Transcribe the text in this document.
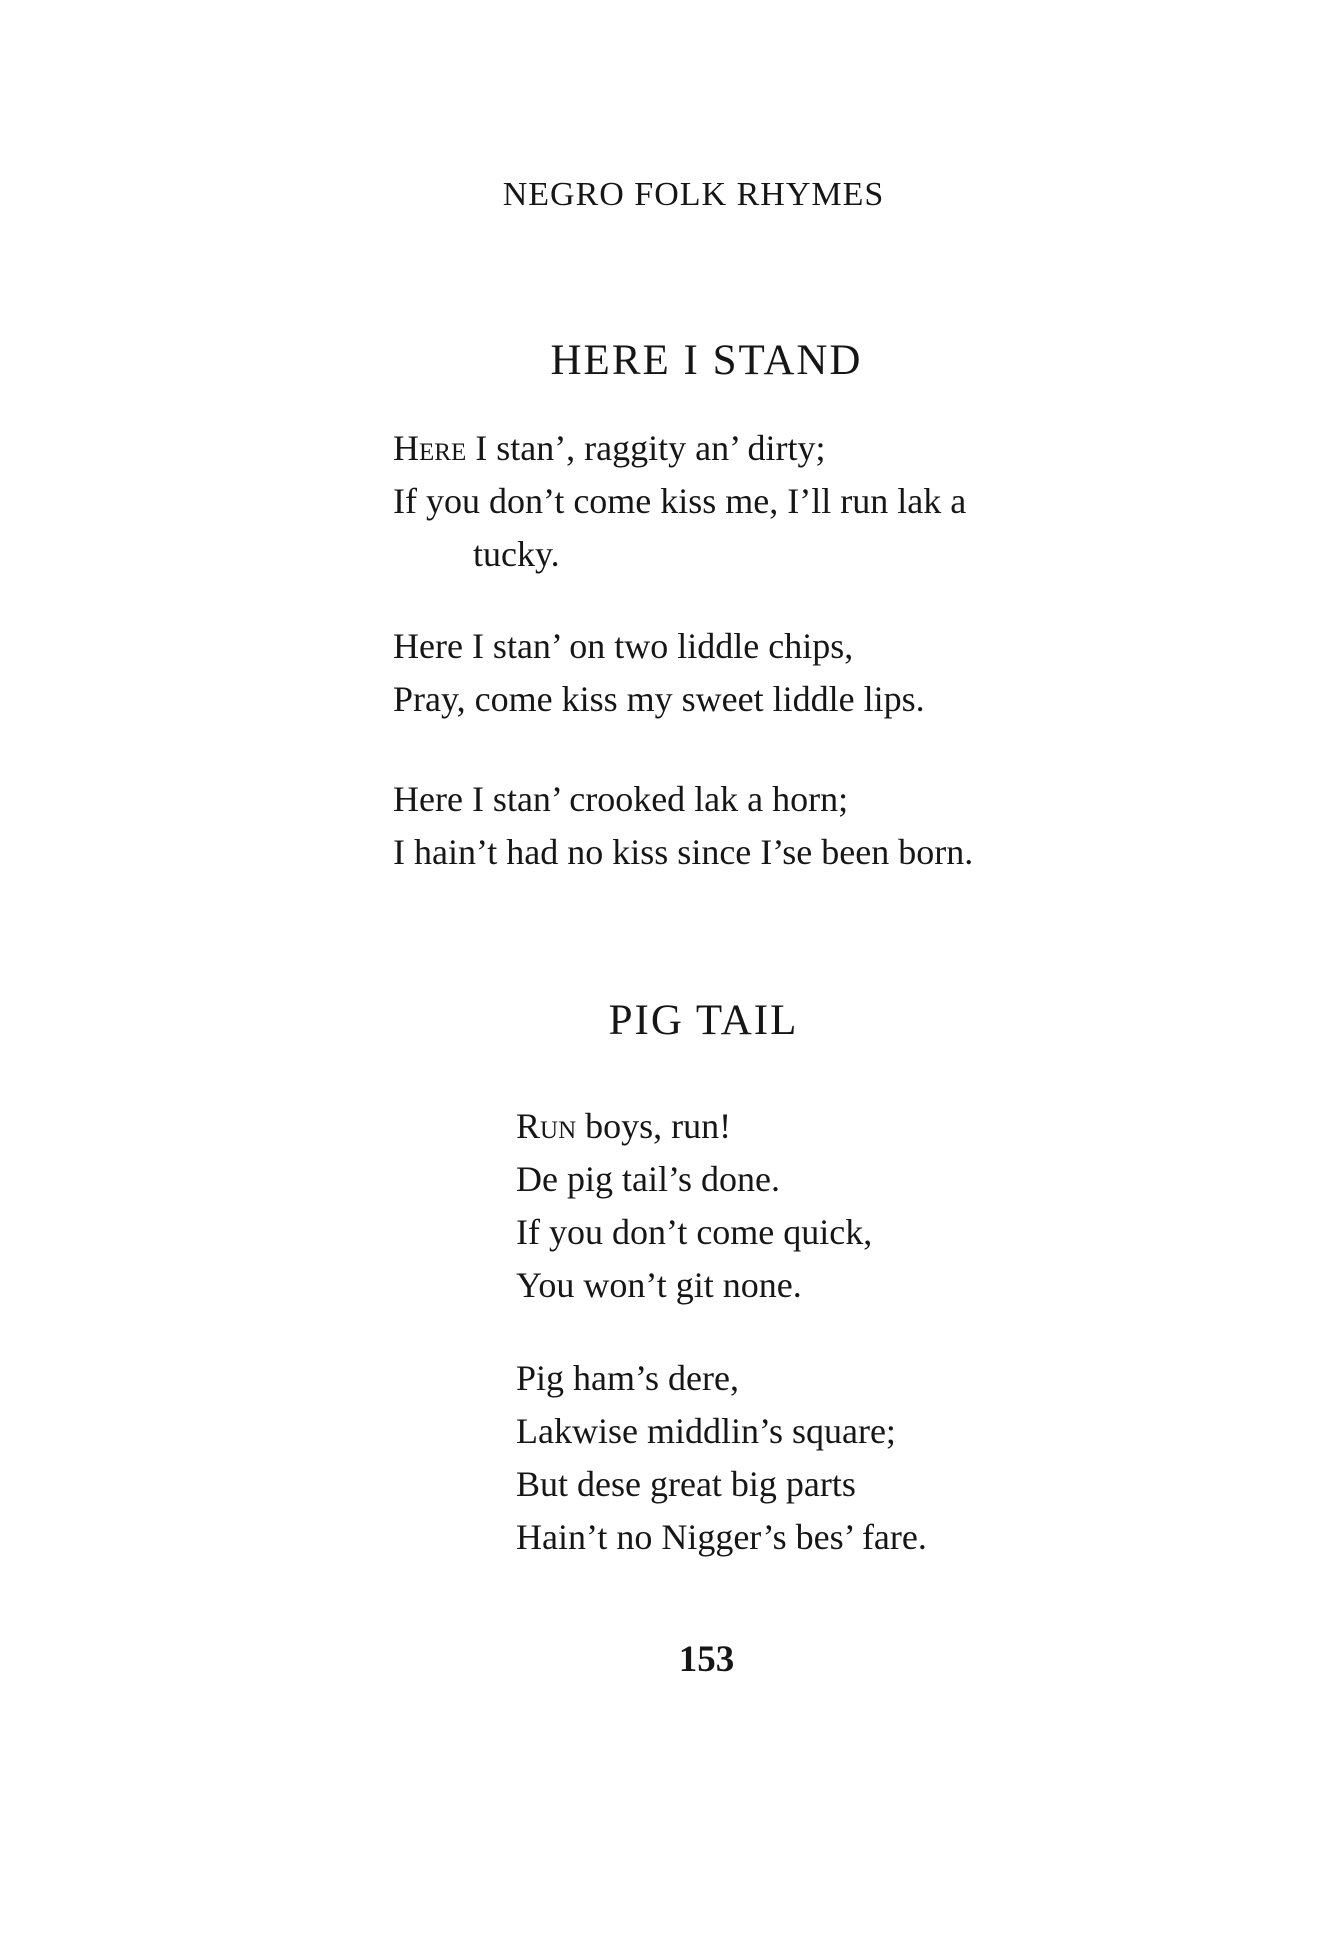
NEGRO FOLK RHYMES
HERE I STAND
Here I stan’, raggity an’ dirty;
If you don’t come kiss me, I’ll run lak a
tucky.
Here I stan’ on two liddle chips,
Pray, come kiss my sweet liddle lips.
Here I stan’ crooked lak a horn;
I hain’t had no kiss since I’se been born.
PIG TAIL
Run boys, run!
De pig tail’s done.
If you don’t come quick,
You won’t git none.
Pig ham’s dere,
Lakwise middlin’s square;
But dese great big parts
Hain’t no Nigger’s bes’ fare.
153
